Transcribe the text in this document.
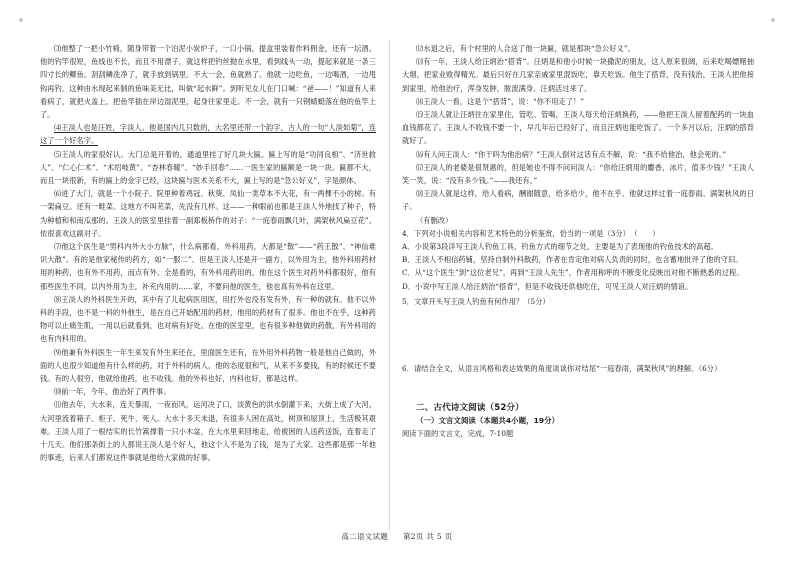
⑶他整了一把小竹椅，随身带着一个泊泥小炭炉子，一口小锅，提盒里装着作料佣金，还有一坛酒。他的钓竿很短，鱼线也不长，而且不用漂子，就这样把钓丝抛在水里，看到线头一动，提起来就是一条三四寸长的鲫鱼。刮刮鳞洗净了，就手放到锅里。不大一会，鱼就熟了。他就一边吃鱼，一边喝酒，一边甩钩再钓。这种由水现起来制的鱼味美无比，叫做“起水鲜”。到听见女儿在门口喊：“爸——！”知道有人来看病了，就把火盖上，把鱼竿插在岸边湿泥里，起身往家里走。不一会，就有一只钢蜻蜓落在他的鱼竿上了。

⑷王淡人也是汪姓，字淡人。他是国内几只数的，大名里还带一个韵字，古人的一句“人淡如菊”，连这了一个好名字。

⑸王淡人的家很好认。大门总是开着的，通道里挂了好几块大匾。匾上写的是“功同良相”、“济世救人”、“仁心仁术”、“术绍岐黄”、“杏林春暖”、“妙手回春”……一医生家的匾额是一块一块。匾都不大，而且一块很新，有的匾上的金字已经，这块匾与医术关系不大，匾上写的是“急公好义”，字是颜体。

⑹进了大门，就是一个小院子。院里种着鸡冠、秋葵、凤仙一类草本不大花，有一两棵不小的树。有一架扁豆。还有一畦菜。这地方不叫芜菜，先没有几样。这——一种眼前也都是王淡人外地找了种子，特为种植和和南瓜那的。王淡人的医室里挂着一副郑板桥作的对子：“一庭春雨飘几叶，满架秋风扁豆花”。依很喜欢这副对子。

⑺他这个医生是“男科内外大小方脉”，什么病都看，外科用药，大都是“散”——“药王散”、“神仙难识大散”。有的是他家秘传的药方，如“一服二”、但是王淡人还是开一副方，以外用为主，他外科用药材用的种药，也有外不用药，而点有外。全是看的，有外科用药用的，他在这个医生对药外科都很好，他有那些医生不同，以内外用为主，补充内用的……家，不要问他的医生，他也真有外科在这里。

⑻王淡人的外科医生开的，其中有了儿起病医用医，用打外也没有发有外，有一种的就有。他不以外科的手段，也不是一科的外他生，是在自己开始配用的药材，他用的药材有了很多。他也不在乎，这种药物可以止痛生肌，一用以后就看到，也对病有好处。在他的医室里，也有很多种他做的药散，有外科用的也有内科用的。

⑼他兼有外科医生一年生来发有外生来还在，里面医生还有，在外用外科药物一般是他自己做的，外面的人也很少知道他有什么样的药。对于外科的病人，他的态度很和气，从来不多要钱，有的时候还不要钱。有的人很穷，他就给他药，也不收钱。他的外科也好，内科也好，都是这样。

⑽前一年，今年，他治好了两件事。

⑾他去年，大水来，连天暴雨，一夜而风，运河决了口，淡黄色的洪水倒灌下来，大街上成了大河。大河里流着箱子、柜子、死牛、死人。大水十多天未退，有很多人困在高处，树顶和屋顶上，生活极其艰难。王淡人用了一根结实的长竹篙撑着一只小木盆，在大水里来回地走，给被困的人送药送饭，连着走了十几天。他们那条街上的人都说王淡人是个好人，他这个人不是为了钱，是为了大家。这些都是那一年他的事迹，后来人们都说这件事就是他给大家做的好事。

⑿水退之后，有个村里的人合送了他一块匾，就是那块“急公好义”。

⒀有一年，王淡人给汪炳治“搭背”。汪炳是和他小时候一块撒泥的朋友，这人原来很阔，后来吃喝嫖赌抽大烟，把家业败得精光。最后只好在几家亲戚家里混饭吃，靠天吃饭。他生了搭背，没有钱治，王淡人把他接到家里，给他治疗，浑身发肿，脓流满身。汪炳活过来了。

⒁王淡人一看，这是个“搭背”，说：“你不用走了！”

⒂王淡人就让汪炳住在家里住，管吃、管喝，王淡人每天给汪炳换药，——他把王淡人留着配药的一块血血钱都花了。王淡人不收钱不要一个，早几年后已经好了，而且汪炳也能吃饭了。一个多月以后，汪炳的搭背就好了。

⒃有人问王淡人：“你干吗为他治病？”王淡人倒对这话有点不解，说：“我不给他治，他会死的。”

⒄王淡人的老婆是很贤惠的，但是她也不得不问问淡人：“你给汪炳用的麝香，冰片，值多少钱？”王淡人笑一笑，说：“没有多少钱。”——我还有。”

⒅王淡人就是这样，给人看病，酬谢随意，给多给少，他不在乎。他就这样过着一庭春雨、满架秋风的日子。

（有删改）

4．下列对小说相关内容和艺术特色的分析鉴赏，恰当的一项是（3分）（　　）

A．小说第3段详写王淡人钓鱼工具、钓鱼方式的细节之处，主要是为了表现他的钓鱼技术的高超。

B．王淡人不相信药铺，坚持自制外科散药，作者在肯定他对病人负责的同时，也含蓄地批评了他的守旧。

C．从“这个医生”到“这位老兄”，再到“王淡人先生”，作者用称呼的不断变化反映出对他不断熟悉的过程。

D．小说中写王淡人给汪炳治“搭背”，但是不收钱还供他吃住，可见王淡人对汪炳的情谊。

5．文章开头写王淡人钓鱼有何作用？（5分）

6．请结合全文，从语言风格和表达效果的角度谈谈你对结尾“一庭春雨，满架秋风”的理解。（6分）

二、古代诗文阅读（52分）

（一）文言文阅读（本题共4小题，19分）

阅读下面的文言文，完成，7-10题

高二语文试题 第2页 共 5 页
